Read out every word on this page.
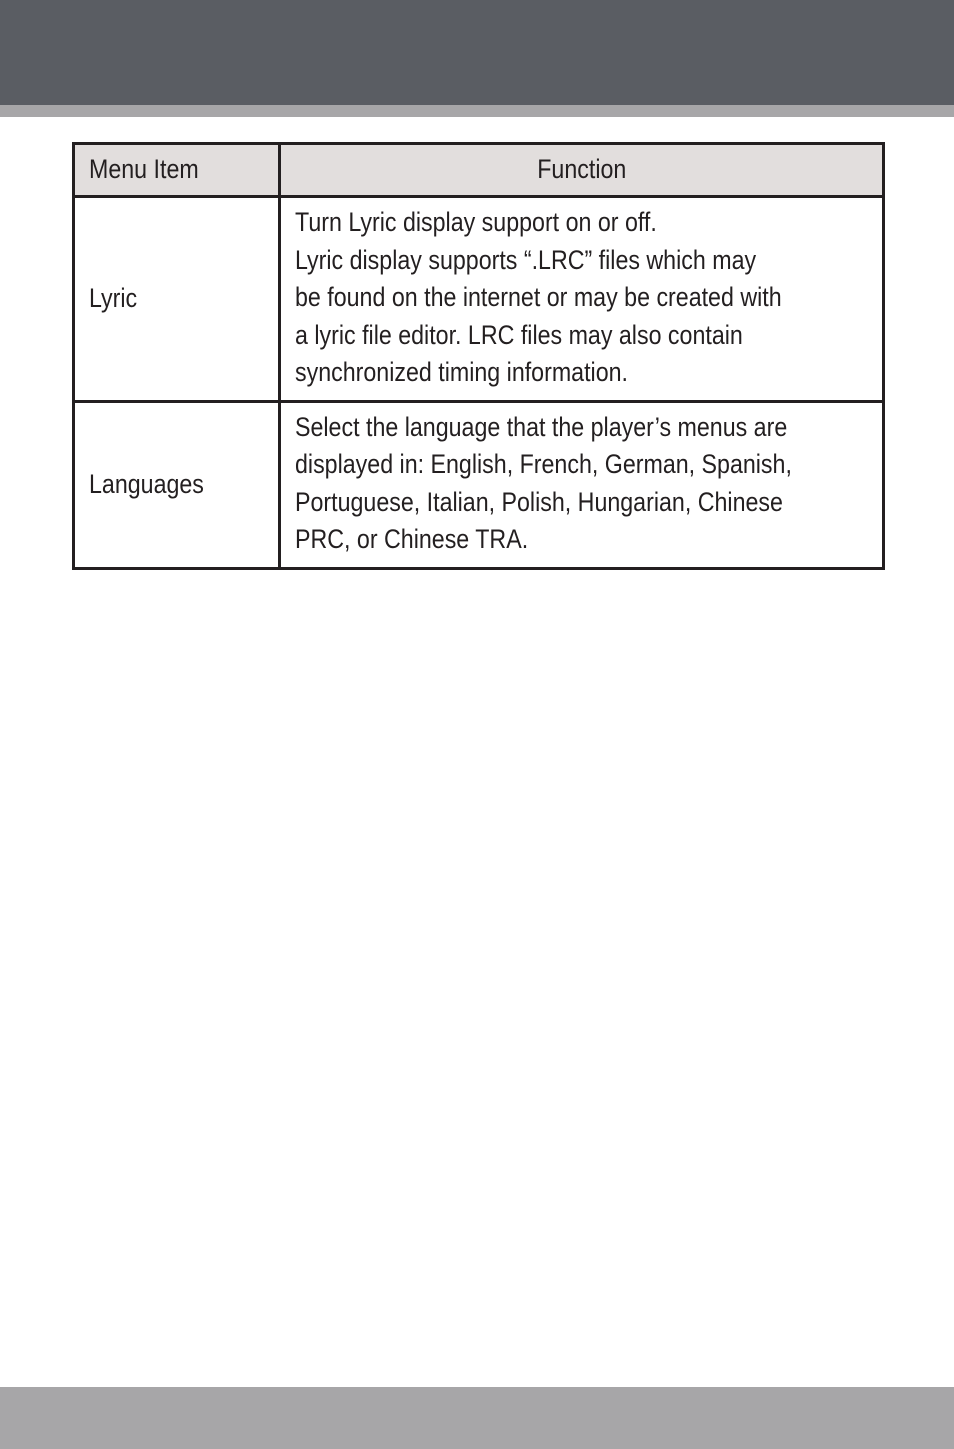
Menu Item	Function
Lyric	Turn Lyric display support on or off.
Lyric display supports “.LRC” files which may
be found on the internet or may be created with
a lyric file editor. LRC files may also contain
synchronized timing information.

Languages	Select the language that the player’s menus are
displayed in: English, French, German, Spanish,
Portuguese, Italian, Polish, Hungarian, Chinese
PRC, or Chinese TRA.
